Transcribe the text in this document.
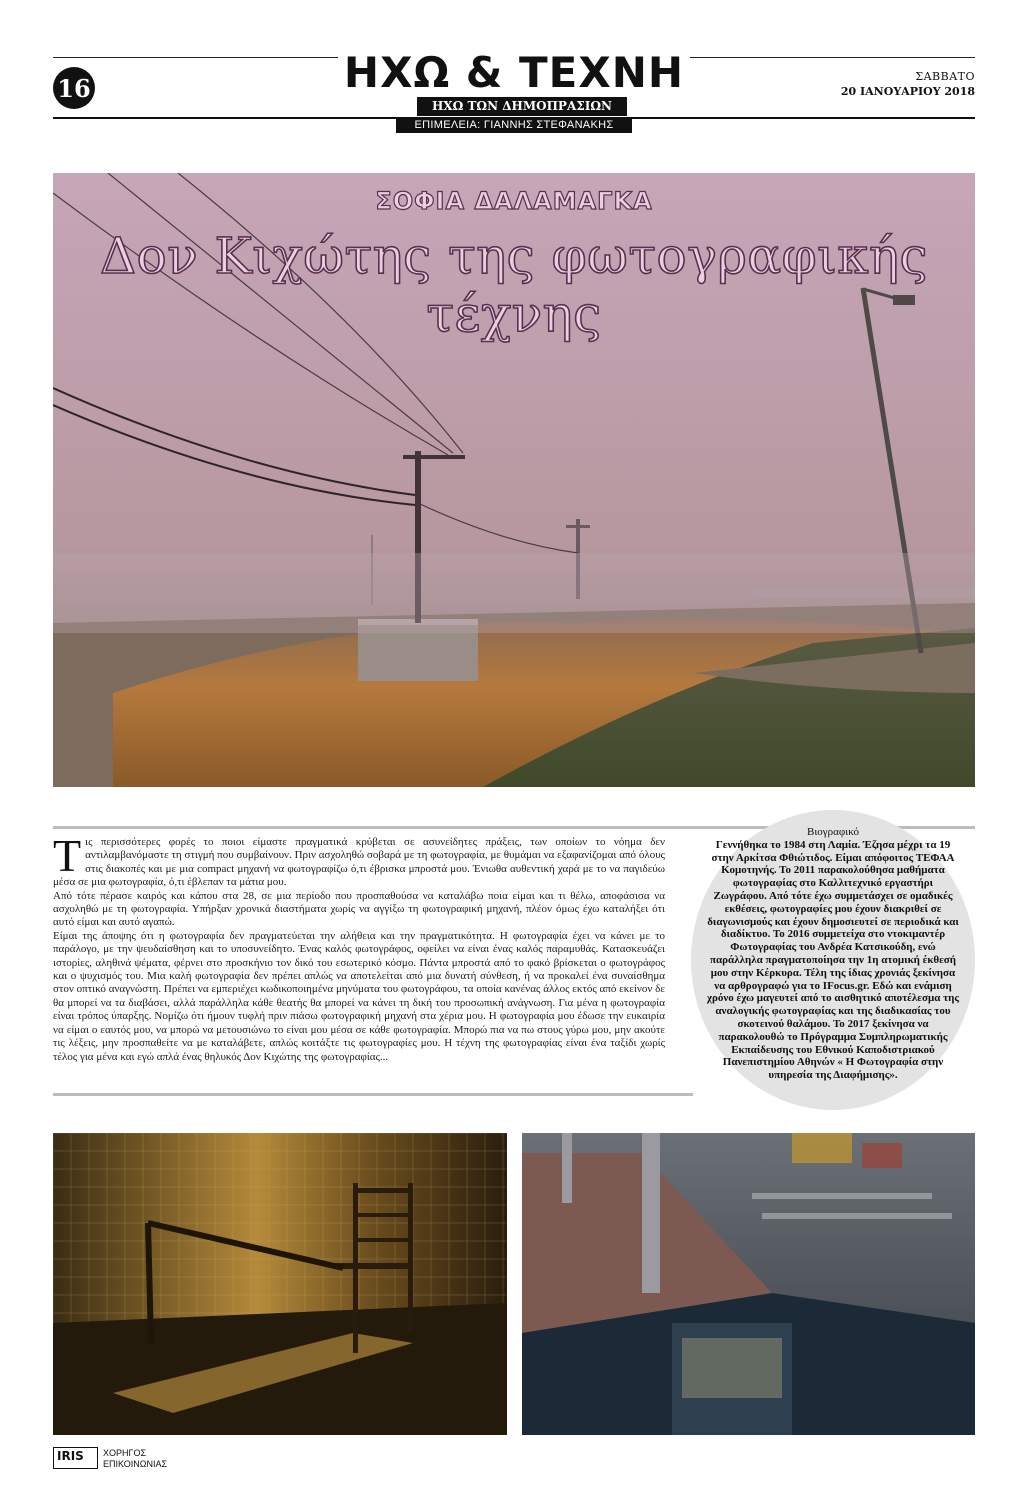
16	ΗΧΩ & ΤΕΧΝΗ
ΗΧΩ ΤΩΝ ΔΗΜΟΠΡΑΣΙΩΝ
ΕΠΙΜΕΛΕΙΑ: ΓΙΑΝΝΗΣ ΣΤΕΦΑΝΑΚΗΣ
ΣΑΒΒΑΤΟ
20 ΙΑΝΟΥΑΡΙΟΥ 2018
ΣΟΦΙΑ ΔΑΛΑΜΑΓΚΑ
Δον Κιχώτης της φωτογραφικής τέχνης
Τ ις περισσότερες φορές το ποιοι είμαστε πραγματικά κρύβεται σε ασυνείδητες πράξεις, των οποίων το νόημα δεν αντιλαμβανόμαστε τη στιγμή που συμβαίνουν. Πριν ασχοληθώ σοβαρά με τη φωτογραφία, με θυμάμαι να εξαφανίζομαι από όλους στις διακοπές και με μια compact μηχανή να φωτογραφίζω ό,τι έβρισκα μπροστά μου. Ένιωθα αυθεντική χαρά με το να παγιδεύω μέσα σε μια φωτογραφία, ό,τι έβλεπαν τα μάτια μου.

Από τότε πέρασε καιρός και κάπου στα 28, σε μια περίοδο που προσπαθούσα να καταλάβω ποια είμαι και τι θέλω, αποφάσισα να ασχοληθώ με τη φωτογραφία. Υπήρξαν χρονικά διαστήματα χωρίς να αγγίξω τη φωτογραφική μηχανή, πλέον όμως έχω καταλήξει ότι αυτό είμαι και αυτό αγαπώ.

Είμαι της άποψης ότι η φωτογραφία δεν πραγματεύεται την αλήθεια και την πραγματικότητα. Η φωτογραφία έχει να κάνει με το παράλογο, με την ψευδαίσθηση και το υποσυνείδητο. Ένας καλός φωτογράφος, οφείλει να είναι ένας καλός παραμυθάς. Κατασκευάζει ιστορίες, αληθινά ψέματα, φέρνει στο προσκήνιο τον δικό του εσωτερικό κόσμο. Πάντα μπροστά από το φακό βρίσκεται ο φωτογράφος και ο ψυχισμός του. Μια καλή φωτογραφία δεν πρέπει απλώς να αποτελείται από μια δυνατή σύνθεση, ή να προκαλεί ένα συναίσθημα στον οπτικό αναγνώστη. Πρέπει να εμπεριέχει κωδικοποιημένα μηνύματα του φωτογράφου, τα οποία κανένας άλλος εκτός από εκείνον δε θα μπορεί να τα διαβάσει, αλλά παράλληλα κάθε θεατής θα μπορεί να κάνει τη δική του προσωπική ανάγνωση. Για μένα η φωτογραφία είναι τρόπος ύπαρξης. Νομίζω ότι ήμουν τυφλή πριν πιάσω φωτογραφική μηχανή στα χέρια μου. Η φωτογραφία μου έδωσε την ευκαιρία να είμαι ο εαυτός μου, να μπορώ να μετουσιώνω το είναι μου μέσα σε κάθε φωτογραφία. Μπορώ πια να πω στους γύρω μου, μην ακούτε τις λέξεις, μην προσπαθείτε να με καταλάβετε, απλώς κοιτάξτε τις φωτογραφίες μου. Η τέχνη της φωτογραφίας είναι ένα ταξίδι χωρίς τέλος για μένα και εγώ απλά ένας θηλυκός Δον Κιχώτης της φωτογραφίας...

Βιογραφικό
Γεννήθηκα το 1984 στη Λαμία. Έζησα μέχρι τα 19 στην Αρκίτσα Φθιώτιδος. Είμαι απόφοιτος ΤΕΦΑΑ Κομοτηνής. Το 2011 παρακολούθησα μαθήματα φωτογραφίας στο Καλλιτεχνικό εργαστήρι Ζωγράφου. Από τότε έχω συμμετάσχει σε ομαδικές εκθέσεις, φωτογραφίες μου έχουν διακριθεί σε διαγωνισμούς και έχουν δημοσιευτεί σε περιοδικά και διαδίκτυο. Το 2016 συμμετείχα στο ντοκιμαντέρ Φωτογραφίας του Ανδρέα Κατσικούδη, ενώ παράλληλα πραγματοποίησα την 1η ατομική έκθεσή μου στην Κέρκυρα. Τέλη της ίδιας χρονιάς ξεκίνησα να αρθρογραφώ για το IFocus.gr. Εδώ και ενάμιση χρόνο έχω μαγευτεί από το αισθητικό αποτέλεσμα της αναλογικής φωτογραφίας και της διαδικασίας του σκοτεινού θαλάμου. Το 2017 ξεκίνησα να παρακολουθώ το Πρόγραμμα Συμπληρωματικής Εκπαίδευσης του Εθνικού Καποδιστριακού Πανεπιστημίου Αθηνών « Η Φωτογραφία στην υπηρεσία της Διαφήμισης».
IRIS	ΧΟΡΗΓΟΣ
ΕΠΙΚΟΙΝΩΝΙΑΣ
